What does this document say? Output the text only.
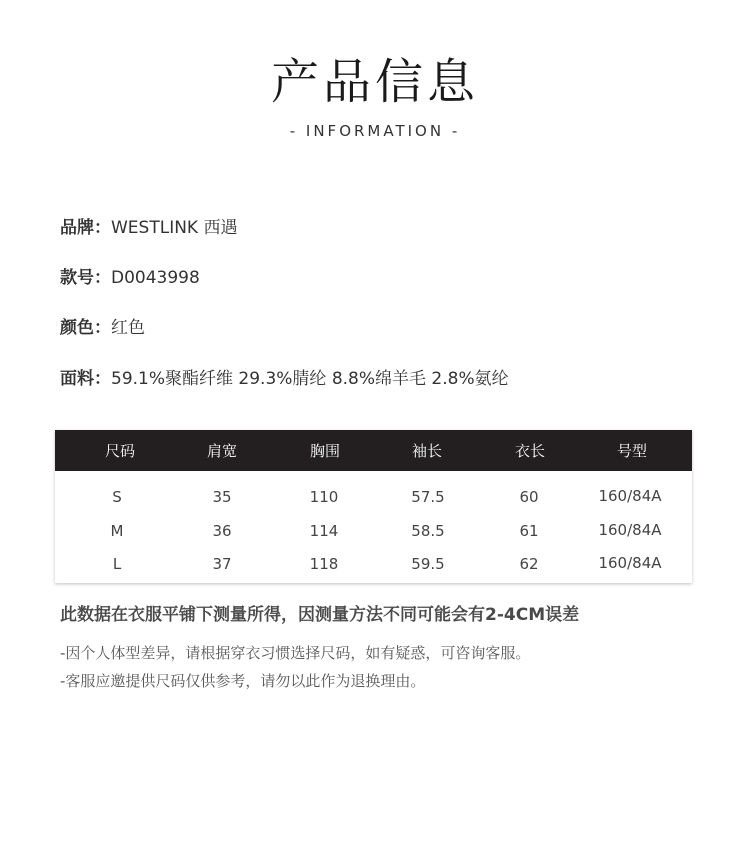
产品信息
- INFORMATION -
品牌：WESTLINK 西遇
款号：D0043998
颜色：红色
面料：59.1%聚酯纤维 29.3%腈纶 8.8%绵羊毛 2.8%氨纶
尺码	肩宽	胸围	袖长	衣长	号型
S	35	110	57.5	60	160/84A
M	36	114	58.5	61	160/84A
L	37	118	59.5	62	160/84A
此数据在衣服平铺下测量所得，因测量方法不同可能会有2-4CM误差
-因个人体型差异，请根据穿衣习惯选择尺码，如有疑惑，可咨询客服。
-客服应邀提供尺码仅供参考，请勿以此作为退换理由。
